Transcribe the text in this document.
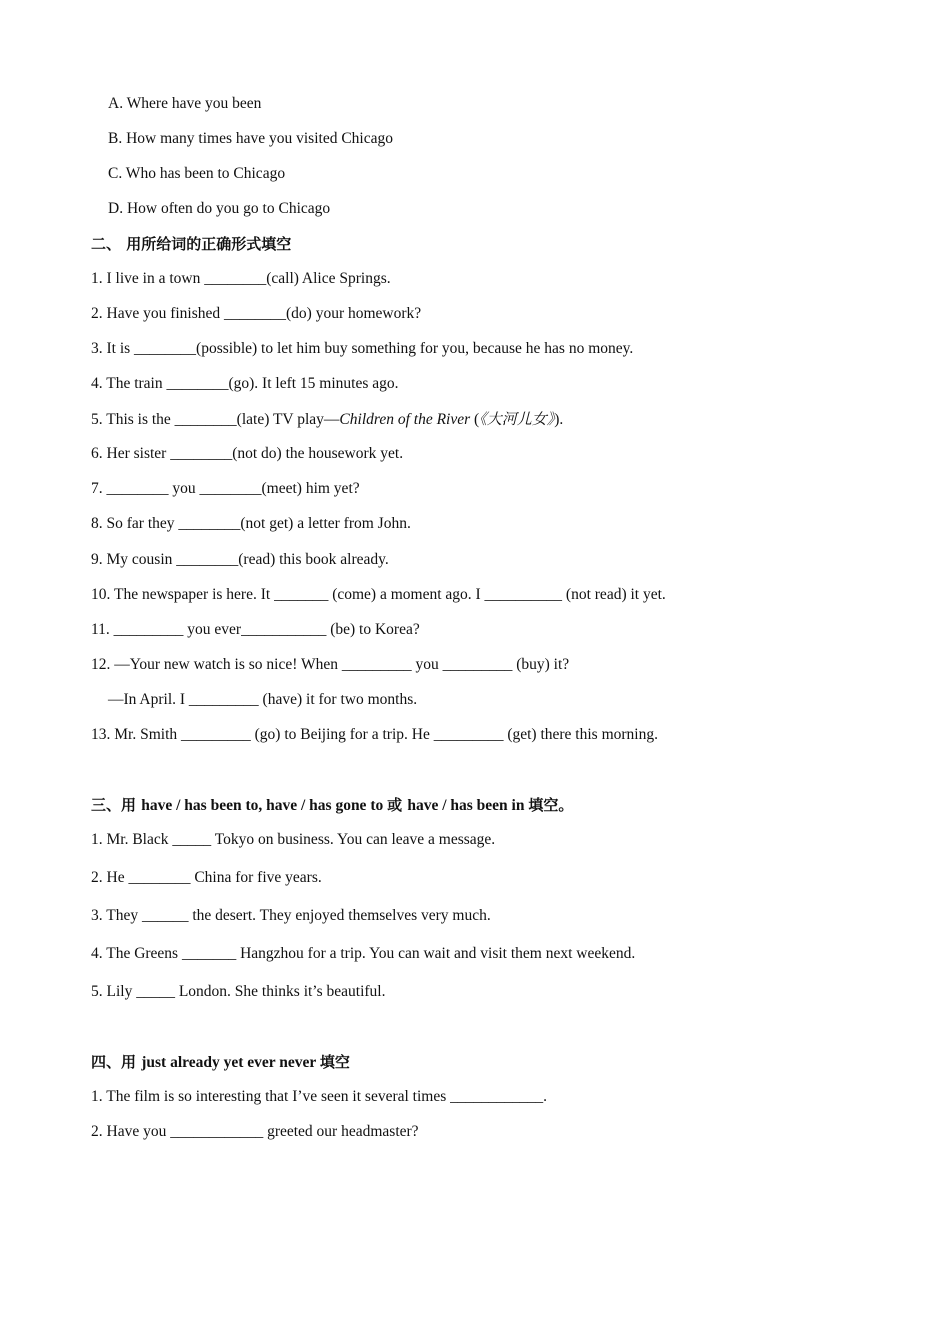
A. Where have you been
B. How many times have you visited Chicago
C. Who has been to Chicago
D. How often do you go to Chicago
二、 用所给词的正确形式填空
1. I live in a town ________(call) Alice Springs.
2. Have you finished ________(do) your homework?
3. It is ________(possible) to let him buy something for you, because he has no money.
4. The train ________(go). It left 15 minutes ago.
5. This is the ________(late) TV play—Children of the River (《大河儿女》).
6. Her sister ________(not do) the housework yet.
7. ________ you ________(meet) him yet?
8. So far they ________(not get) a letter from John.
9. My cousin ________(read) this book already.
10. The newspaper is here. It _______ (come) a moment ago. I __________ (not read) it yet.
11. _________ you ever___________ (be) to Korea?
12. —Your new watch is so nice! When _________ you _________ (buy) it?
—In April. I _________ (have) it for two months.
13. Mr. Smith _________ (go) to Beijing for a trip. He _________ (get) there this morning.
三、用 have / has been to, have / has gone to 或 have / has been in 填空。
1. Mr. Black _____ Tokyo on business. You can leave a message.
2. He ________ China for five years.
3. They ______ the desert. They enjoyed themselves very much.
4. The Greens _______ Hangzhou for a trip. You can wait and visit them next weekend.
5. Lily _____ London. She thinks it’s beautiful.
四、用 just already yet ever never 填空
1. The film is so interesting that I’ve seen it several times ____________.
2. Have you ____________ greeted our headmaster?
